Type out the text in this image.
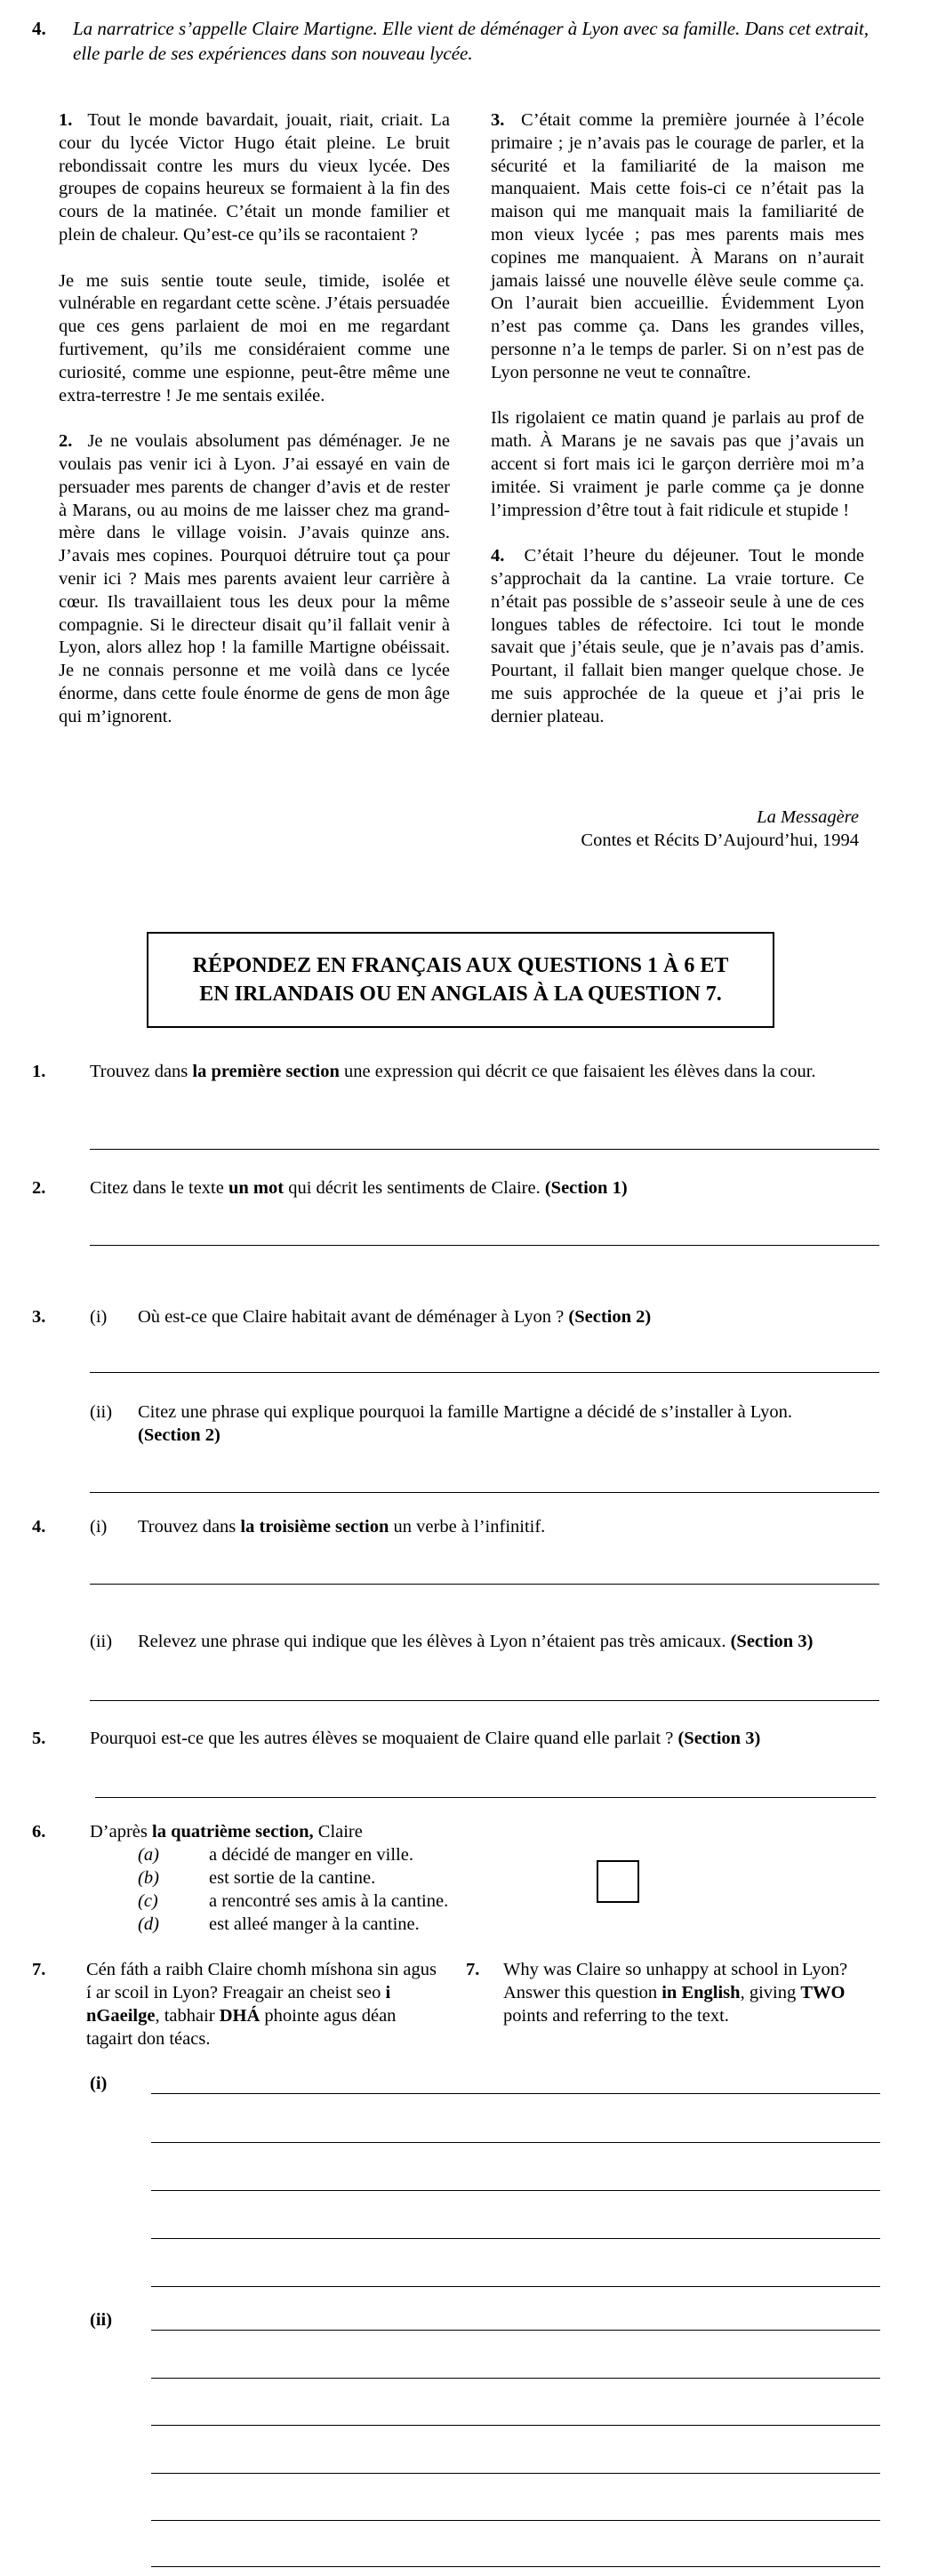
4. La narratrice s’appelle Claire Martigne. Elle vient de déménager à Lyon avec sa famille. Dans cet extrait, elle parle de ses expériences dans son nouveau lycée.

1. Tout le monde bavardait, jouait, riait, criait. La cour du lycée Victor Hugo était pleine. Le bruit rebondissait contre les murs du vieux lycée. Des groupes de copains heureux se formaient à la fin des cours de la matinée. C’était un monde familier et plein de chaleur. Qu’est-ce qu’ils se racontaient ?

Je me suis sentie toute seule, timide, isolée et vulnérable en regardant cette scène. J’étais persuadée que ces gens parlaient de moi en me regardant furtivement, qu’ils me considéraient comme une curiosité, comme une espionne, peut-être même une extra-terrestre ! Je me sentais exilée.

2. Je ne voulais absolument pas déménager. Je ne voulais pas venir ici à Lyon. J’ai essayé en vain de persuader mes parents de changer d’avis et de rester à Marans, ou au moins de me laisser chez ma grand-mère dans le village voisin. J’avais quinze ans. J’avais mes copines. Pourquoi détruire tout ça pour venir ici ? Mais mes parents avaient leur carrière à cœur. Ils travaillaient tous les deux pour la même compagnie. Si le directeur disait qu’il fallait venir à Lyon, alors allez hop ! la famille Martigne obéissait. Je ne connais personne et me voilà dans ce lycée énorme, dans cette foule énorme de gens de mon âge qui m’ignorent.

3. C’était comme la première journée à l’école primaire ; je n’avais pas le courage de parler, et la sécurité et la familiarité de la maison me manquaient. Mais cette fois-ci ce n’était pas la maison qui me manquait mais la familiarité de mon vieux lycée ; pas mes parents mais mes copines me manquaient. À Marans on n’aurait jamais laissé une nouvelle élève seule comme ça. On l’aurait bien accueillie. Évidemment Lyon n’est pas comme ça. Dans les grandes villes, personne n’a le temps de parler. Si on n’est pas de Lyon personne ne veut te connaître.

Ils rigolaient ce matin quand je parlais au prof de math. À Marans je ne savais pas que j’avais un accent si fort mais ici le garçon derrière moi m’a imitée. Si vraiment je parle comme ça je donne l’impression d’être tout à fait ridicule et stupide !

4. C’était l’heure du déjeuner. Tout le monde s’approchait da la cantine. La vraie torture. Ce n’était pas possible de s’asseoir seule à une de ces longues tables de réfectoire. Ici tout le monde savait que j’étais seule, que je n’avais pas d’amis. Pourtant, il fallait bien manger quelque chose. Je me suis approchée de la queue et j’ai pris le dernier plateau.

La Messagère
Contes et Récits D’Aujourd’hui, 1994
RÉPONDEZ EN FRANÇAIS AUX QUESTIONS 1 À 6 ET
EN IRLANDAIS OU EN ANGLAIS À LA QUESTION 7.
1. Trouvez dans la première section une expression qui décrit ce que faisaient les élèves dans la cour.
2. Citez dans le texte un mot qui décrit les sentiments de Claire. (Section 1)
3. (i) Où est-ce que Claire habitait avant de déménager à Lyon ? (Section 2)
(ii) Citez une phrase qui explique pourquoi la famille Martigne a décidé de s’installer à Lyon.
(Section 2)
4. (i) Trouvez dans la troisième section un verbe à l’infinitif.
(ii) Relevez une phrase qui indique que les élèves à Lyon n’étaient pas très amicaux. (Section 3)
5. Pourquoi est-ce que les autres élèves se moquaient de Claire quand elle parlait ? (Section 3)
6. D’après la quatrième section, Claire
(a)	a décidé de manger en ville.
(b)	est sortie de la cantine.
(c)	a rencontré ses amis à la cantine.
(d)	est alleé manger à la cantine.
7. Cén fáth a raibh Claire chomh míshona sin agus í ar scoil in Lyon? Freagair an cheist seo i nGaeilge, tabhair DHÁ phointe agus déan tagairt don téacs.
7. Why was Claire so unhappy at school in Lyon? Answer this question in English, giving TWO points and referring to the text.
(i)
(ii)
